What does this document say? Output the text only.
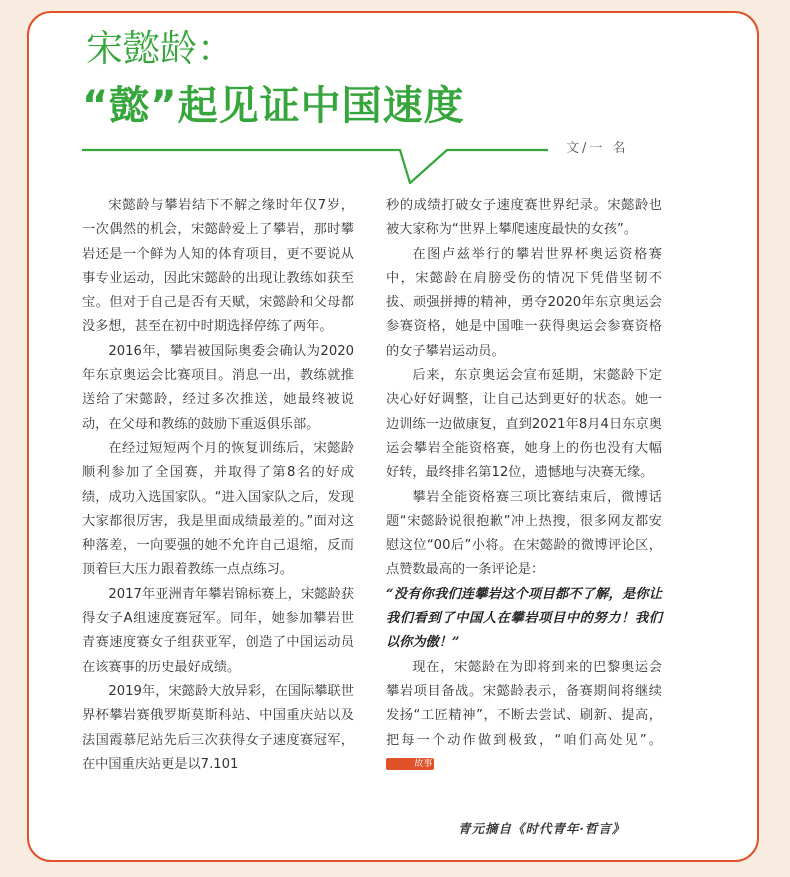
宋懿龄：
“懿”起见证中国速度
文/一 名

宋懿龄与攀岩结下不解之缘时年仅7岁，一次偶然的机会，宋懿龄爱上了攀岩，那时攀岩还是一个鲜为人知的体育项目，更不要说从事专业运动，因此宋懿龄的出现让教练如获至宝。但对于自己是否有天赋，宋懿龄和父母都没多想，甚至在初中时期选择停练了两年。

2016年，攀岩被国际奥委会确认为2020年东京奥运会比赛项目。消息一出，教练就推送给了宋懿龄，经过多次推送，她最终被说动，在父母和教练的鼓励下重返俱乐部。

在经过短短两个月的恢复训练后，宋懿龄顺利参加了全国赛，并取得了第8名的好成绩，成功入选国家队。“进入国家队之后，发现大家都很厉害，我是里面成绩最差的。”面对这种落差，一向要强的她不允许自己退缩，反而顶着巨大压力跟着教练一点点练习。

2017年亚洲青年攀岩锦标赛上，宋懿龄获得女子A组速度赛冠军。同年，她参加攀岩世青赛速度赛女子组获亚军，创造了中国运动员在该赛事的历史最好成绩。

2019年，宋懿龄大放异彩，在国际攀联世界杯攀岩赛俄罗斯莫斯科站、中国重庆站以及法国霞慕尼站先后三次获得女子速度赛冠军，在中国重庆站更是以7.101

秒的成绩打破女子速度赛世界纪录。宋懿龄也被大家称为“世界上攀爬速度最快的女孩”。

在图卢兹举行的攀岩世界杯奥运资格赛中，宋懿龄在肩膀受伤的情况下凭借坚韧不拔、顽强拼搏的精神，勇夺2020年东京奥运会参赛资格，她是中国唯一获得奥运会参赛资格的女子攀岩运动员。

后来，东京奥运会宣布延期，宋懿龄下定决心好好调整，让自己达到更好的状态。她一边训练一边做康复，直到2021年8月4日东京奥运会攀岩全能资格赛，她身上的伤也没有大幅好转，最终排名第12位，遗憾地与决赛无缘。

攀岩全能资格赛三项比赛结束后，微博话题“宋懿龄说很抱歉”冲上热搜，很多网友都安慰这位“00后”小将。在宋懿龄的微博评论区，点赞数最高的一条评论是：

“没有你我们连攀岩这个项目都不了解，是你让我们看到了中国人在攀岩项目中的努力！我们以你为傲！”

现在，宋懿龄在为即将到来的巴黎奥运会攀岩项目备战。宋懿龄表示，备赛期间将继续发扬“工匠精神”，不断去尝试、刷新、提高，把每一个动作做到极致，“咱们高处见”。故事

青元摘自《时代青年·哲言》
